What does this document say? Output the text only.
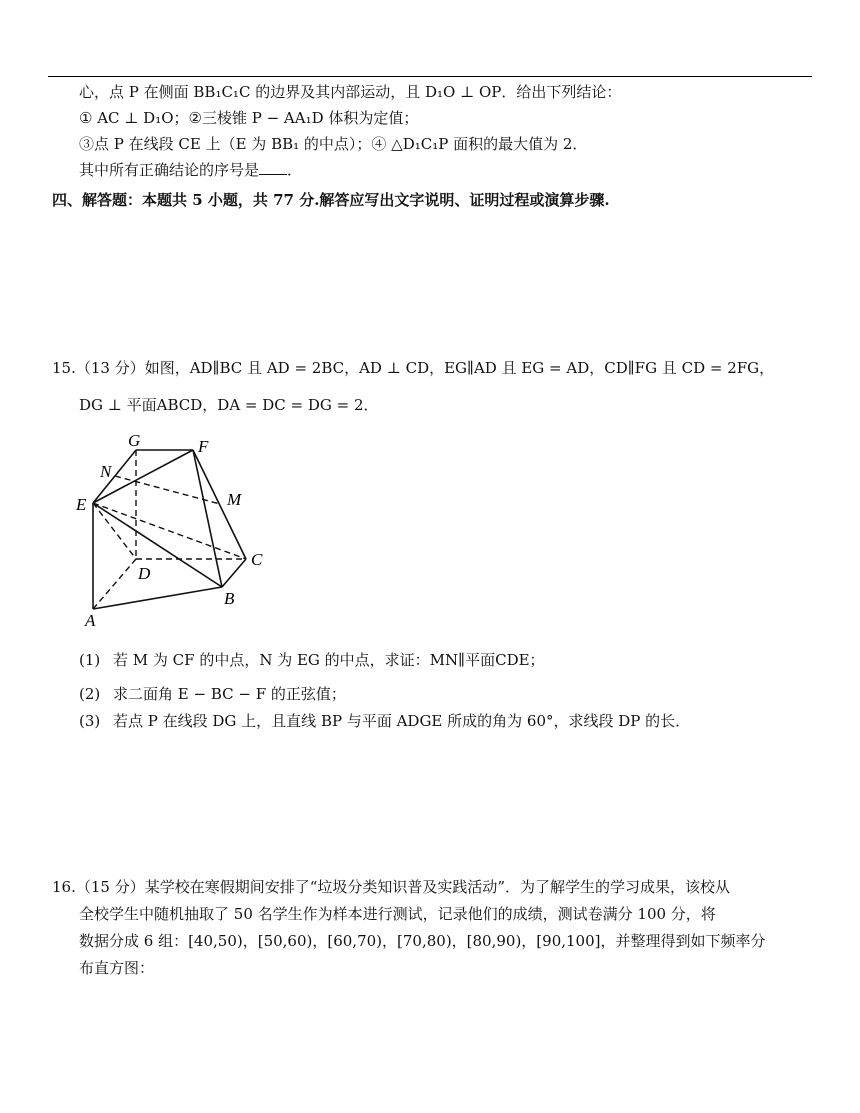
心，点 P 在侧面 BB₁C₁C 的边界及其内部运动，且 D₁O ⊥ OP．给出下列结论：
① AC ⊥ D₁O；②三棱锥 P − AA₁D 体积为定值；
③点 P 在线段 CE 上（E 为 BB₁ 的中点）；④ △D₁C₁P 面积的最大值为 2．
其中所有正确结论的序号是 ．
四、解答题：本题共 5 小题，共 77 分.解答应写出文字说明、证明过程或演算步骤.
15.（13 分）如图，AD∥BC 且 AD = 2BC，AD ⊥ CD，EG∥AD 且 EG = AD，CD∥FG 且 CD = 2FG，
DG ⊥ 平面ABCD，DA = DC = DG = 2．
G	F
N
M
E
C
D
B
A
(1) 若 M 为 CF 的中点，N 为 EG 的中点，求证：MN∥平面CDE；
(2) 求二面角 E − BC − F 的正弦值；
(3) 若点 P 在线段 DG 上，且直线 BP 与平面 ADGE 所成的角为 60°，求线段 DP 的长．
16.（15 分）某学校在寒假期间安排了“垃圾分类知识普及实践活动”．为了解学生的学习成果，该校从
全校学生中随机抽取了 50 名学生作为样本进行测试，记录他们的成绩，测试卷满分 100 分，将
数据分成 6 组：[40,50)，[50,60)，[60,70)，[70,80)，[80,90)，[90,100]，并整理得到如下频率分
布直方图：
